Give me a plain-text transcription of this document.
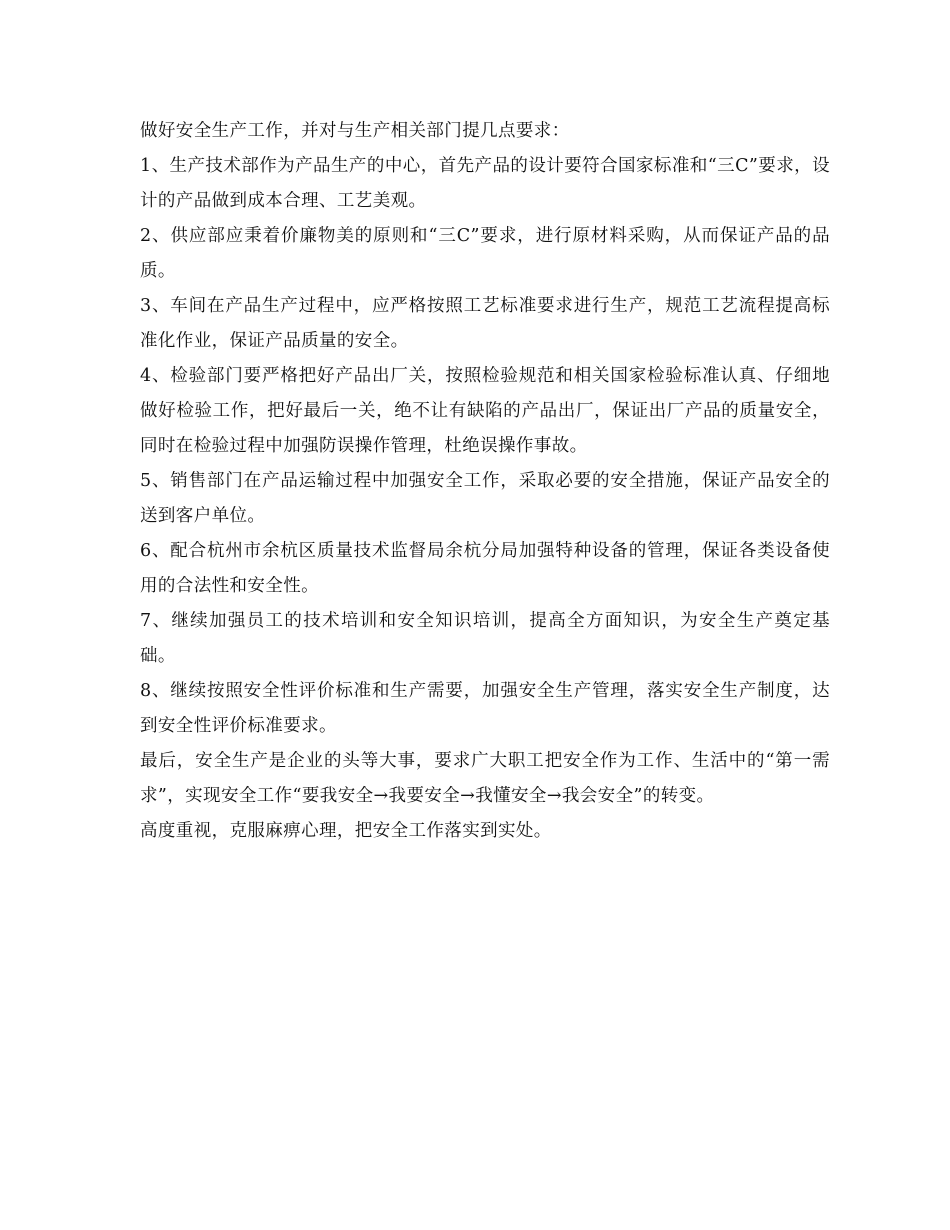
做好安全生产工作，并对与生产相关部门提几点要求：

1、生产技术部作为产品生产的中心，首先产品的设计要符合国家标准和“三C”要求，设计的产品做到成本合理、工艺美观。

2、供应部应秉着价廉物美的原则和“三C”要求，进行原材料采购，从而保证产品的品质。

3、车间在产品生产过程中，应严格按照工艺标准要求进行生产，规范工艺流程提高标准化作业，保证产品质量的安全。

4、检验部门要严格把好产品出厂关，按照检验规范和相关国家检验标准认真、仔细地做好检验工作，把好最后一关，绝不让有缺陷的产品出厂，保证出厂产品的质量安全，同时在检验过程中加强防误操作管理，杜绝误操作事故。

5、销售部门在产品运输过程中加强安全工作，采取必要的安全措施，保证产品安全的送到客户单位。

6、配合杭州市余杭区质量技术监督局余杭分局加强特种设备的管理，保证各类设备使用的合法性和安全性。

7、继续加强员工的技术培训和安全知识培训，提高全方面知识，为安全生产奠定基础。

8、继续按照安全性评价标准和生产需要，加强安全生产管理，落实安全生产制度，达到安全性评价标准要求。

最后，安全生产是企业的头等大事，要求广大职工把安全作为工作、生活中的“第一需求”，实现安全工作“要我安全→我要安全→我懂安全→我会安全”的转变。

高度重视，克服麻痹心理，把安全工作落实到实处。
